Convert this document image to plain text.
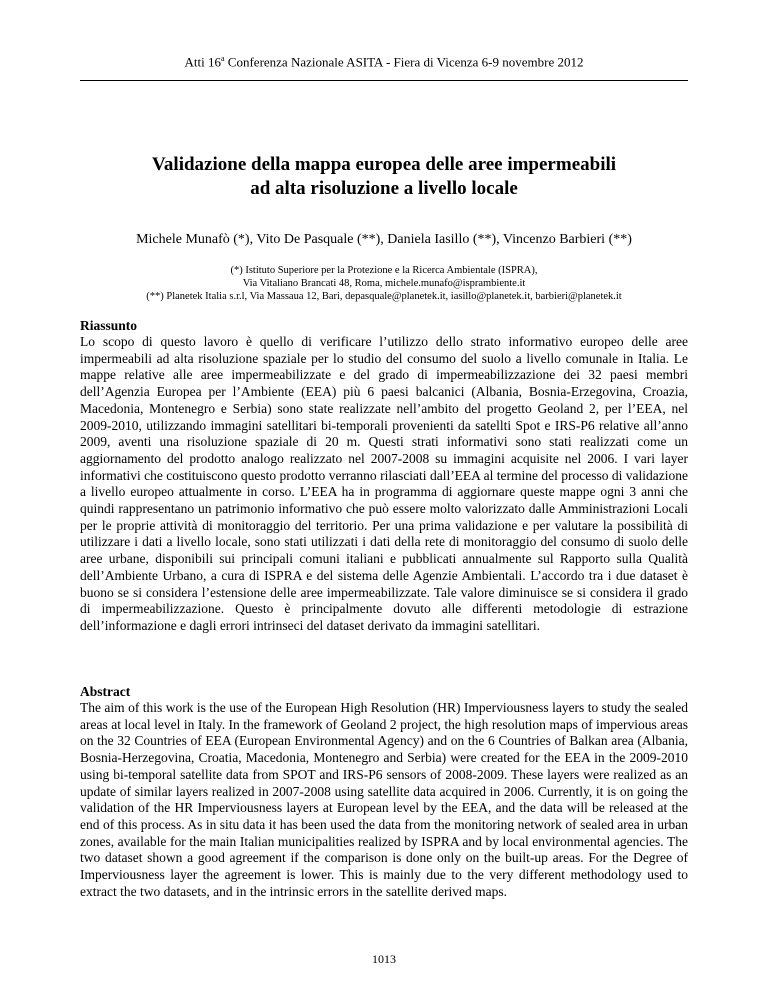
Atti 16$^a$ Conferenza Nazionale ASITA - Fiera di Vicenza 6-9 novembre 2012
Validazione della mappa europea delle aree impermeabili
ad alta risoluzione a livello locale
Michele Munafò (*), Vito De Pasquale (**), Daniela Iasillo (**), Vincenzo Barbieri (**)
(*) Istituto Superiore per la Protezione e la Ricerca Ambientale (ISPRA),
Via Vitaliano Brancati 48, Roma, michele.munafo@isprambiente.it
(**) Planetek Italia s.r.l, Via Massaua 12, Bari, depasquale@planetek.it, iasillo@planetek.it, barbieri@planetek.it
Riassunto
Lo scopo di questo lavoro è quello di verificare l’utilizzo dello strato informativo europeo delle aree impermeabili ad alta risoluzione spaziale per lo studio del consumo del suolo a livello comunale in Italia. Le mappe relative alle aree impermeabilizzate e del grado di impermeabilizzazione dei 32 paesi membri dell’Agenzia Europea per l’Ambiente (EEA) più 6 paesi balcanici (Albania, Bosnia-Erzegovina, Croazia, Macedonia, Montenegro e Serbia) sono state realizzate nell’ambito del progetto Geoland 2, per l’EEA, nel 2009-2010, utilizzando immagini satellitari bi-temporali provenienti da satellti Spot e IRS-P6 relative all’anno 2009, aventi una risoluzione spaziale di 20 m. Questi strati informativi sono stati realizzati come un aggiornamento del prodotto analogo realizzato nel 2007-2008 su immagini acquisite nel 2006. I vari layer informativi che costituiscono questo prodotto verranno rilasciati dall’EEA al termine del processo di validazione a livello europeo attualmente in corso. L’EEA ha in programma di aggiornare queste mappe ogni 3 anni che quindi rappresentano un patrimonio informativo che può essere molto valorizzato dalle Amministrazioni Locali per le proprie attività di monitoraggio del territorio. Per una prima validazione e per valutare la possibilità di utilizzare i dati a livello locale, sono stati utilizzati i dati della rete di monitoraggio del consumo di suolo delle aree urbane, disponibili sui principali comuni italiani e pubblicati annualmente sul Rapporto sulla Qualità dell’Ambiente Urbano, a cura di ISPRA e del sistema delle Agenzie Ambientali. L’accordo tra i due dataset è buono se si considera l’estensione delle aree impermeabilizzate. Tale valore diminuisce se si considera il grado di impermeabilizzazione. Questo è principalmente dovuto alle differenti metodologie di estrazione dell’informazione e dagli errori intrinseci del dataset derivato da immagini satellitari.
Abstract
The aim of this work is the use of the European High Resolution (HR) Imperviousness layers to study the sealed areas at local level in Italy. In the framework of Geoland 2 project, the high resolution maps of impervious areas on the 32 Countries of EEA (European Environmental Agency) and on the 6 Countries of Balkan area (Albania, Bosnia-Herzegovina, Croatia, Macedonia, Montenegro and Serbia) were created for the EEA in the 2009-2010 using bi-temporal satellite data from SPOT and IRS-P6 sensors of 2008-2009. These layers were realized as an update of similar layers realized in 2007-2008 using satellite data acquired in 2006. Currently, it is on going the validation of the HR Imperviousness layers at European level by the EEA, and the data will be released at the end of this process. As in situ data it has been used the data from the monitoring network of sealed area in urban zones, available for the main Italian municipalities realized by ISPRA and by local environmental agencies. The two dataset shown a good agreement if the comparison is done only on the built-up areas. For the Degree of Imperviousness layer the agreement is lower. This is mainly due to the very different methodology used to extract the two datasets, and in the intrinsic errors in the satellite derived maps.
1013
